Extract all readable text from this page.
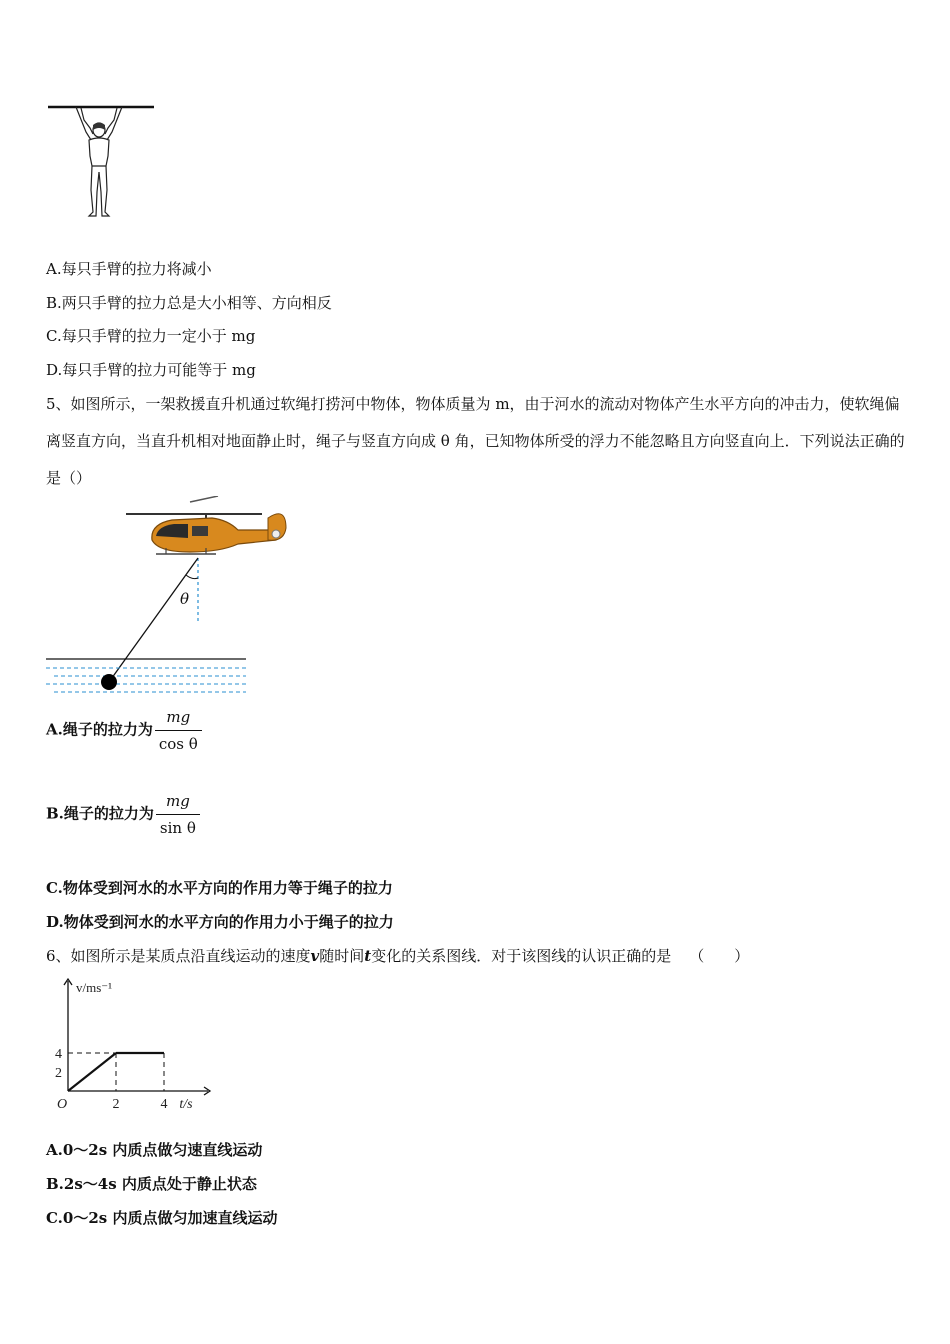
A.每只手臂的拉力将减小
B.两只手臂的拉力总是大小相等、方向相反
C.每只手臂的拉力一定小于 mg
D.每只手臂的拉力可能等于 mg
5、如图所示，一架救援直升机通过软绳打捞河中物体，物体质量为 m，由于河水的流动对物体产生水平方向的冲击力，使软绳偏离竖直方向，当直升机相对地面静止时，绳子与竖直方向成 θ 角，已知物体所受的浮力不能忽略且方向竖直向上．下列说法正确的是（）
θ
A.绳子的拉力为 $\frac{mg}{\text{cos θ}}$
B.绳子的拉力为 $\frac{mg}{\text{sin θ}}$
C.物体受到河水的水平方向的作用力等于绳子的拉力
D.物体受到河水的水平方向的作用力小于绳子的拉力
6、如图所示是某质点沿直线运动的速度v随时间t变化的关系图线．对于该图线的认识正确的是 （　　）
2	4
2
4
O
v/ms⁻¹
t/s
A.0～2s 内质点做匀速直线运动
B.2s～4s 内质点处于静止状态
C.0～2s 内质点做匀加速直线运动
